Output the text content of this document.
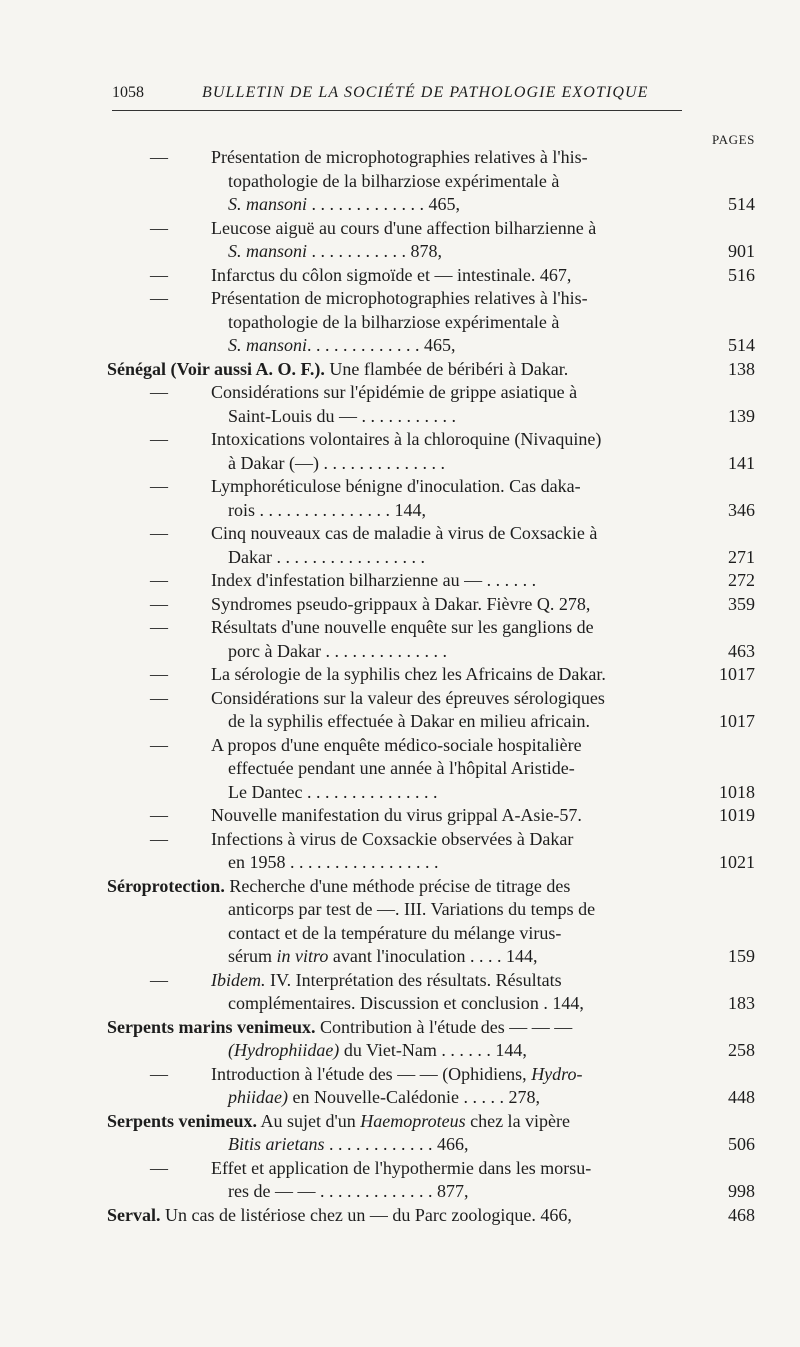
1058	BULLETIN DE LA SOCIÉTÉ DE PATHOLOGIE EXOTIQUE
PAGES
— Présentation de microphotographies relatives à l'his-
topathologie de la bilharziose expérimentale à
S. mansoni . . . . . . . . . . . . . 465,	514
— Leucose aiguë au cours d'une affection bilharzienne à
S. mansoni . . . . . . . . . . . 878,	901
— Infarctus du côlon sigmoïde et — intestinale. 467,	516
— Présentation de microphotographies relatives à l'his-
topathologie de la bilharziose expérimentale à
S. mansoni. . . . . . . . . . . . . 465,	514
Sénégal (Voir aussi A. O. F.). Une flambée de béribéri à Dakar.	138
— Considérations sur l'épidémie de grippe asiatique à
Saint-Louis du — . . . . . . . . . . .	139
— Intoxications volontaires à la chloroquine (Nivaquine)
à Dakar (—) . . . . . . . . . . . . . .	141
— Lymphoréticulose bénigne d'inoculation. Cas daka-
rois . . . . . . . . . . . . . . . 144,	346
— Cinq nouveaux cas de maladie à virus de Coxsackie à
Dakar . . . . . . . . . . . . . . . . .	271
— Index d'infestation bilharzienne au — . . . . . .	272
— Syndromes pseudo-grippaux à Dakar. Fièvre Q. 278,	359
— Résultats d'une nouvelle enquête sur les ganglions de
porc à Dakar . . . . . . . . . . . . . .	463
— La sérologie de la syphilis chez les Africains de Dakar.	1017
— Considérations sur la valeur des épreuves sérologiques
de la syphilis effectuée à Dakar en milieu africain.	1017
— A propos d'une enquête médico-sociale hospitalière
effectuée pendant une année à l'hôpital Aristide-
Le Dantec . . . . . . . . . . . . . . .	1018
— Nouvelle manifestation du virus grippal A-Asie-57.	1019
— Infections à virus de Coxsackie observées à Dakar
en 1958 . . . . . . . . . . . . . . . . .	1021
Séroprotection. Recherche d'une méthode précise de titrage des
anticorps par test de —. III. Variations du temps de
contact et de la température du mélange virus-
sérum in vitro avant l'inoculation . . . . 144,	159
— Ibidem. IV. Interprétation des résultats. Résultats
complémentaires. Discussion et conclusion . 144,	183
Serpents marins venimeux. Contribution à l'étude des — — —
(Hydrophiidae) du Viet-Nam . . . . . . 144,	258
— Introduction à l'étude des — — (Ophidiens, Hydro-
phiidae) en Nouvelle-Calédonie . . . . . 278,	448
Serpents venimeux. Au sujet d'un Haemoproteus chez la vipère
Bitis arietans . . . . . . . . . . . . 466,	506
— Effet et application de l'hypothermie dans les morsu-
res de — — . . . . . . . . . . . . . 877,	998
Serval. Un cas de listériose chez un — du Parc zoologique. 466,	468
